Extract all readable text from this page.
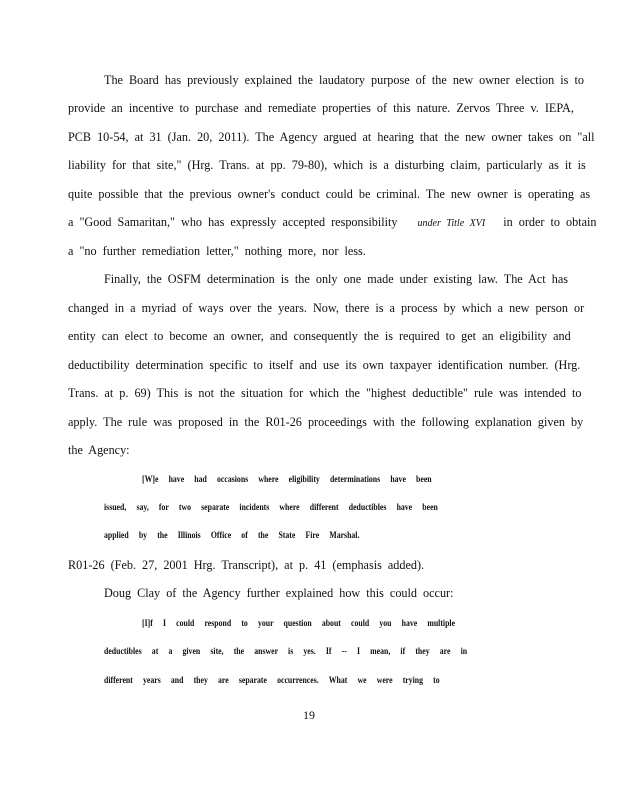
The Board has previously explained the laudatory purpose of the new owner election is to
provide an incentive to purchase and remediate properties of this nature. Zervos Three v. IEPA,
PCB 10-54, at 31 (Jan. 20, 2011). The Agency argued at hearing that the new owner takes on "all
liability for that site," (Hrg. Trans. at pp. 79-80), which is a disturbing claim, particularly as it is
quite possible that the previous owner's conduct could be criminal. The new owner is operating as
a "Good Samaritan," who has expressly accepted responsibility under Title XVI in order to obtain
a "no further remediation letter," nothing more, nor less.
Finally, the OSFM determination is the only one made under existing law. The Act has
changed in a myriad of ways over the years. Now, there is a process by which a new person or
entity can elect to become an owner, and consequently the is required to get an eligibility and
deductibility determination specific to itself and use its own taxpayer identification number. (Hrg.
Trans. at p. 69) This is not the situation for which the "highest deductible" rule was intended to
apply. The rule was proposed in the R01-26 proceedings with the following explanation given by
the Agency:
[W]e have had occasions where eligibility determinations have been
issued, say, for two separate incidents where different deductibles have been
applied by the Illinois Office of the State Fire Marshal.
R01-26 (Feb. 27, 2001 Hrg. Transcript), at p. 41 (emphasis added).
Doug Clay of the Agency further explained how this could occur:
[I]f I could respond to your question about could you have multiple
deductibles at a given site, the answer is yes. If -- I mean, if they are in
different years and they are separate occurrences. What we were trying to
19
